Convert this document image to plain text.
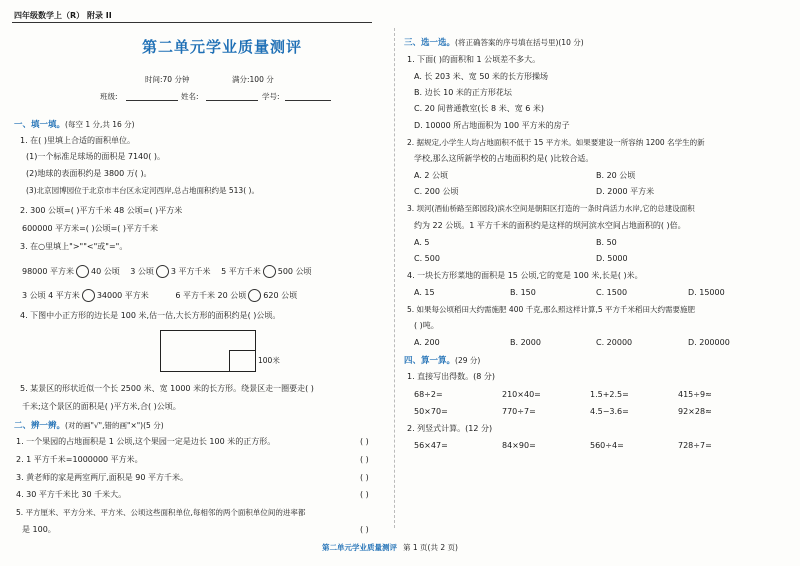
四年级数学上（R） 附录 II
第二单元学业质量测评
时间:70 分钟	满分:100 分
班级:	姓名:	学号:
一、填一填。(每空 1 分,共 16 分)
1. 在( )里填上合适的面积单位。
(1)一个标准足球场的面积是 7140( )。
(2)地球的表面积约是 3800 万( )。
(3)北京园博园位于北京市丰台区永定河西岸,总占地面积约是 513( )。
2. 300 公顷=( )平方千米 48 公顷=( )平方米
600000 平方米=( )公顷=( )平方千米
3. 在○里填上">""<"或"="。
98000 平方米 40 公顷 3 公顷 3 平方千米 5 平方千米 500 公顷
3 公顷 4 平方米 34000 平方米	6 平方千米 20 公顷 620 公顷
4. 下图中小正方形的边长是 100 米,估一估,大长方形的面积约是( )公顷。
100米
5. 某景区的形状近似一个长 2500 米、宽 1000 米的长方形。绕景区走一圈要走( )
千米;这个景区的面积是( )平方米,合( )公顷。
二、辨一辨。(对的画"√",错的画"×")(5 分)
1. 一个果园的占地面积是 1 公顷,这个果园一定是边长 100 米的正方形。	( )
2. 1 平方千米=1000000 平方米。	( )
3. 黄老师的家是两室两厅,面积是 90 平方千米。	( )
4. 30 平方千米比 30 千米大。	( )
5. 平方厘米、平方分米、平方米、公顷这些面积单位,每相邻的两个面积单位间的进率都
是 100。	( )
三、选一选。(将正确答案的序号填在括号里)(10 分)
1. 下面( )的面积和 1 公顷差不多大。
A. 长 203 米、宽 50 米的长方形操场
B. 边长 10 米的正方形花坛
C. 20 间普通教室(长 8 米、宽 6 米)
D. 10000 所占地面积为 100 平方米的房子
2. 据规定,小学生人均占地面积不低于 15 平方米。如果要建设一所容纳 1200 名学生的新
学校,那么这所新学校的占地面积约是( )比较合适。
A. 2 公顷	B. 20 公顷
C. 200 公顷	D. 2000 平方米
3. 坝河(酒仙桥路至郎园段)滨水空间是朝阳区打造的一条时尚活力水岸,它的总建设面积
约为 22 公顷。1 平方千米的面积约是这样的坝河滨水空间占地面积的( )倍。
A. 5	B. 50
C. 500	D. 5000
4. 一块长方形菜地的面积是 15 公顷,它的宽是 100 米,长是( )米。
A. 15	B. 150	C. 1500	D. 15000
5. 如果每公顷稻田大约需施肥 400 千克,那么照这样计算,5 平方千米稻田大约需要施肥
( )吨。
A. 200	B. 2000	C. 20000	D. 200000
四、算一算。(29 分)
1. 直接写出得数。(8 分)
68÷2=	210×40=	1.5+2.5=	415÷9≈
50×70=	770÷7=	4.5−3.6=	92×28≈
2. 列竖式计算。(12 分)
56×47=	84×90=	560÷4=	728÷7=
第二单元学业质量测评 第 1 页(共 2 页)
